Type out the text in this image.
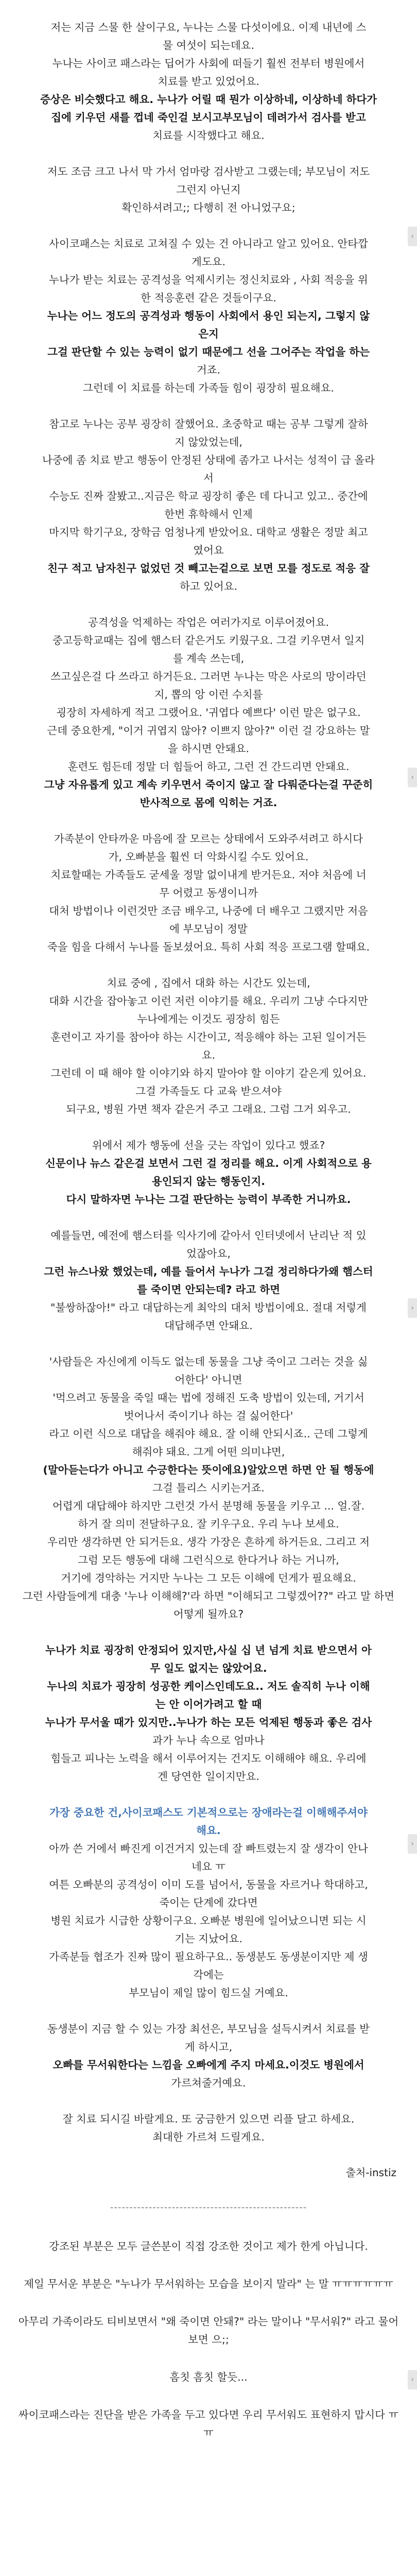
저는 지금 스물 한 살이구요, 누나는 스물 다섯이에요. 이제 내년에 스
물 여섯이 되는데요.
누나는 사이코 패스라는 딥어가 사회에 떠들기 훨씬 전부터 병원에서
치료를 받고 있었어요.
증상은 비슷했다고 해요. 누나가 어릴 때 뭔가 이상하네, 이상하네 하다가
집에 키우던 새를 껍네 죽인걸 보시고부모님이 데려가서 검사를 받고
치료를 시작했다고 해요.
저도 조금 크고 나서 막 가서 엄마랑 검사받고 그랬는데; 부모님이 저도
그런지 아닌지
확인하셔려고;; 다행히 전 아니었구요;
사이코패스는 치료로 고쳐질 수 있는 건 아니라고 알고 있어요. 안타깝
게도요.
누나가 받는 치료는 공격성을 억제시키는 정신치료와 , 사회 적응을 위
한 적응훈련 같은 것들이구요.
누나는 어느 정도의 공격성과 행동이 사회에서 용인 되는지, 그렇지 않
은지
그걸 판단할 수 있는 능력이 없기 때문에그 선을 그어주는 작업을 하는
거죠.
그런데 이 치료를 하는데 가족들 힘이 굉장히 필요해요.
참고로 누나는 공부 굉장히 잘했어요. 초중학교 때는 공부 그렇게 잘하
지 않았었는데,
나중에 좀 치료 받고 행동이 안정된 상태에 좀가고 나서는 성적이 급 올라
서
수능도 진짜 잘봤고..지금은 학교 굉장히 좋은 데 다니고 있고.. 중간에
한번 휴학해서 인제
마지막 학기구요, 장학금 엄청나게 받았어요. 대학교 생활은 정말 최고
였어요
친구 적고 남자친구 없었던 것 빼고는겉으로 보면 모를 정도로 적응 잘
하고 있어요.
공격성을 억제하는 작업은 여러가지로 이루어졌어요.
중고등학교때는 집에 햄스터 같은거도 키웠구요. 그걸 키우면서 일지
를 계속 쓰는데,
쓰고싶은걸 다 쓰라고 하거든요. 그러면 누나는 막은 사로의 망이라던
지, 뽑의 앙 이런 수치를
굉장히 자세하게 적고 그랬어요. '귀엽다 예쁘다' 이런 말은 없구요.
근데 중요한게, "이거 귀엽지 않아? 이쁘지 않아?" 이런 걸 강요하는 말
을 하시면 안돼요.
훈련도 힘든데 정말 더 힘들어 하고, 그런 건 간드리면 안돼요.
그냥 자유롭게 있고 계속 키우면서 죽이지 않고 잘 다뤄준다는걸 꾸준히
반사적으로 몸에 익히는 거죠.
가족분이 안타까운 마음에 잘 모르는 상태에서 도와주셔려고 하시다
가, 오빠분을 훨씬 더 악화시킬 수도 있어요.
치료할때는 가족들도 굳세울 정말 없이내게 받거든요. 저야 처음에 너
무 어렸고 동생이니까
대처 방법이나 이런것만 조금 배우고, 나중에 더 배우고 그랬지만 저음
에 부모님이 정말
죽을 힘을 다해서 누나를 돌보셨어요. 특히 사회 적응 프로그램 할때요.
치료 중에 , 집에서 대화 하는 시간도 있는데,
대화 시간을 잡아놓고 이런 저런 이야기를 해요. 우리끼 그냥 수다지만
누나에게는 이것도 굉장히 힘든
훈련이고 자기를 참아야 하는 시간이고, 적응해야 하는 고된 일이거든
요.
그런데 이 때 해야 할 이야기와 하지 말아야 할 이야기 같은게 있어요.
그걸 가족들도 다 교육 받으셔야
되구요, 병원 가면 책자 같은거 주고 그래요. 그럼 그거 외우고.
위에서 제가 행동에 선을 긋는 작업이 있다고 했죠?
신문이나 뉴스 같은걸 보면서 그런 걸 정리를 해요. 이게 사회적으로 용
용인되지 않는 행동인지.
다시 말하자면 누나는 그걸 판단하는 능력이 부족한 거니까요.
예를들면, 예전에 햄스터를 익사기에 같아서 인터넷에서 난리난 적 있
었잖아요,
그런 뉴스나왔 했었는데, 예를 들어서 누나가 그걸 정리하다가왜 햄스터
를 죽이면 안되는데? 라고 하면
"불쌍하잖아!" 라고 대답하는게 최악의 대처 방법이에요. 절대 저렇게
대답해주면 안돼요.
'사람들은 자신에게 이득도 없는데 동물을 그냥 죽이고 그러는 것을 싫
어한다' 아니면
'먹으려고 동물을 죽일 때는 법에 정해진 도축 방법이 있는데, 거기서
벗어나서 죽이기나 하는 걸 싫어한다'
라고 이런 식으로 대답을 해줘야 해요. 잘 이해 안되시죠.. 근데 그렇게
해줘야 돼요. 그게 어떤 의미냐면,
(말아듣는다가 아니고 수긍한다는 뜻이에요)알았으면 하면 안 될 행동에
그걸 틀리스 시키는거죠.
어렵게 대답해야 하지만 그런것 가서 분명해 동물을 키우고 ... 얼.잘.
하거 잘 의미 전달하구요. 잘 키우구요. 우리 누나 보세요.
우리만 생각하면 안 되거든요. 생각 가장은 흔하게 하거든요. 그리고 저
그럼 모든 행동에 대해 그런식으로 한다거나 하는 거니까,
거기에 경악하는 거지만 누나는 그 모든 이해에 던게가 필요해요.
그런 사람들에게 대충 '누나 이해해?'라 하면 "이해되고 그렇겠어??" 라고 말 하면
어떻게 될까요?
누나가 치료 굉장히 안정되어 있지만,사실 십 년 넘게 치료 받으면서 아
무 일도 없지는 않았어요.
누나의 치료가 굉장히 성공한 케이스인데도요.. 저도 솔직히 누나 이해
는 안 이어가려고 할 때
누나가 무서울 때가 있지만..누나가 하는 모든 억제된 행동과 좋은 검사
과가 누나 속으로 엄마나
힘들고 피나는 노력을 해서 이루어지는 건지도 이해해야 해요. 우리에
겐 당연한 일이지만요.
가장 중요한 건,사이코패스도 기본적으로는 장애라는걸 이해해주셔야
해요.
아까 쓴 거에서 빠진게 이건거지 있는데 잘 빠트렸는지 잘 생각이 안나
네요 ㅠ
여튼 오빠분의 공격성이 이미 도를 넘어서, 동물을 자르거나 학대하고,
죽이는 단계에 갔다면
병원 치료가 시급한 상황이구요. 오빠분 병원에 일어났으니면 되는 시
기는 지났어요.
가족분들 협조가 진짜 많이 필요하구요.. 동생분도 동생분이지만 제 생
각에는
부모님이 제일 많이 힘드실 거예요.
동생분이 지금 할 수 있는 가장 최선은, 부모님을 설득시켜서 치료를 받
게 하시고,
오빠를 무서워한다는 느낌을 오빠에게 주지 마세요.이것도 병원에서
가르쳐줄거예요.
잘 치료 되시길 바랄게요. 또 궁금한거 있으면 리플 달고 하세요.
최대한 가르쳐 드릴게요.
출처-instiz
---------------------------------------------------
강조된 부분은 모두 글쓴분이 직접 강조한 것이고 제가 한게 아닙니다.
제일 무서운 부분은 "누나가 무서워하는 모습을 보이지 말라" 는 말 ㅠㅠㅠㅠㅠㅠ
아무리 가족이라도 티비보면서 "왜 죽이면 안돼?" 라는 말이나 "무서워?" 라고 물어보면 으;;
흠칫 흠칫 할듯...
싸이코패스라는 진단을 받은 가족을 두고 있다면 우리 무서워도 표현하지 맙시다 ㅠㅠ
›
›
›
›
›
